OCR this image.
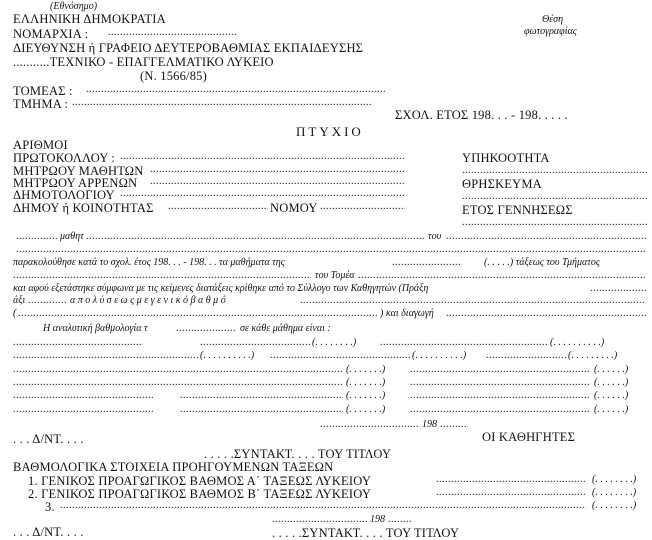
(Εθνόσημο)
ΕΛΛΗΝΙΚΗ ΔΗΜΟΚΡΑΤΙΑ
ΝΟΜΑΡΧΙΑ :
.....
ΔΙΕΥΘΥΝΣΗ ή ΓΡΑΦΕΙΟ ΔΕΥΤΕΡΟΒΑΘΜΙΑΣ ΕΚΠΑΙΔΕΥΣΗΣ
...........ΤΕΧΝΙΚΟ - ΕΠΑΓΓΕΛΜΑΤΙΚΟ ΛΥΚΕΙΟ
(Ν. 1566/85)
Θέση
φωτογραφίας
ΤΟΜΕΑΣ :
.....
ΤΜΗΜΑ :
.....
ΣΧΟΛ. ΕΤΟΣ 198. . . - 198. . . . .
ΠΤΥΧΙΟ
ΑΡΙΘΜΟΙ
ΠΡΩΤΟΚΟΛΛΟΥ :
.....
ΜΗΤΡΩΟΥ ΜΑΘΗΤΩΝ
.....
ΜΗΤΡΩΟΥ ΑΡΡΕΝΩΝ
.....
ΔΗΜΟΤΟΛΟΓΙΟΥ
.....
ΔΗΜΟΥ ή ΚΟΙΝΟΤΗΤΑΣ .....	ΝΟΜΟΥ
.....
ΥΠΗΚΟΟΤΗΤΑ
.....
ΘΡΗΣΚΕΥΜΑ
.....
ΕΤΟΣ ΓΕΝΝΗΣΕΩΣ
.....
.....
μαθητ .....	του
.....
.....
παρακολούθησε κατά το σχολ. έτος 198. . . - 198. . . τα μαθήματα της .....	(. . . . .) τάξεως του Τμήματος
.....
του Τομέα
.....
και αφού εξετάστηκε σύμφωνα με τις κείμενες διατάξεις κρίθηκε από το Σύλλογο των Καθηγητών (Πράξη
.....
άξι .....	α π ο λ ύ σ ε ω ς μ ε γ ε ν ι κ ό β α θ μ ό
.....
( .....	) και διαγωγή
.....
Η αναλυτική βαθμολογία τ .....	σε κάθε μάθημα είναι :
.....
.....
(. . . . . . . .) .....	(. . . . . . . . . .)
.....
(. . . . . . . . . .) .....	(. . . . . . . . . .) .....	(. . . . . . . . .)
.....
(. . . . . . .) .....	(. . . . . .)
.....
(. . . . . . .) .....	(. . . . . .)
.....
.....
(. . . . . . .) .....	(. . . . . .)
.....
.....
(. . . . . . .) .....	(. . . . . .)
.....
198
.....
. . . Δ/ΝΤ. . . .	ΟΙ ΚΑΘΗΓΗΤΕΣ
. . . . .ΣΥΝΤΑΚΤ. . . . ΤΟΥ ΤΙΤΛΟΥ
ΒΑΘΜΟΛΟΓΙΚΑ ΣΤΟΙΧΕΙΑ ΠΡΟΗΓΟΥΜΕΝΩΝ ΤΑΞΕΩΝ
1. ΓΕΝΙΚΟΣ ΠΡΟΑΓΩΓΙΚΟΣ ΒΑΘΜΟΣ Α΄ ΤΑΞΕΩΣ ΛΥΚΕΙΟΥ .....	(. . . . . . . .)
2. ΓΕΝΙΚΟΣ ΠΡΟΑΓΩΓΙΚΟΣ ΒΑΘΜΟΣ Β΄ ΤΑΞΕΩΣ ΛΥΚΕΙΟΥ .....	(. . . . . . . .)
3. .....	(. . . . . . . .)
.....
198
.....
. . . Δ/ΝΤ. . . .	. . . . .ΣΥΝΤΑΚΤ. . . . ΤΟΥ ΤΙΤΛΟΥ
